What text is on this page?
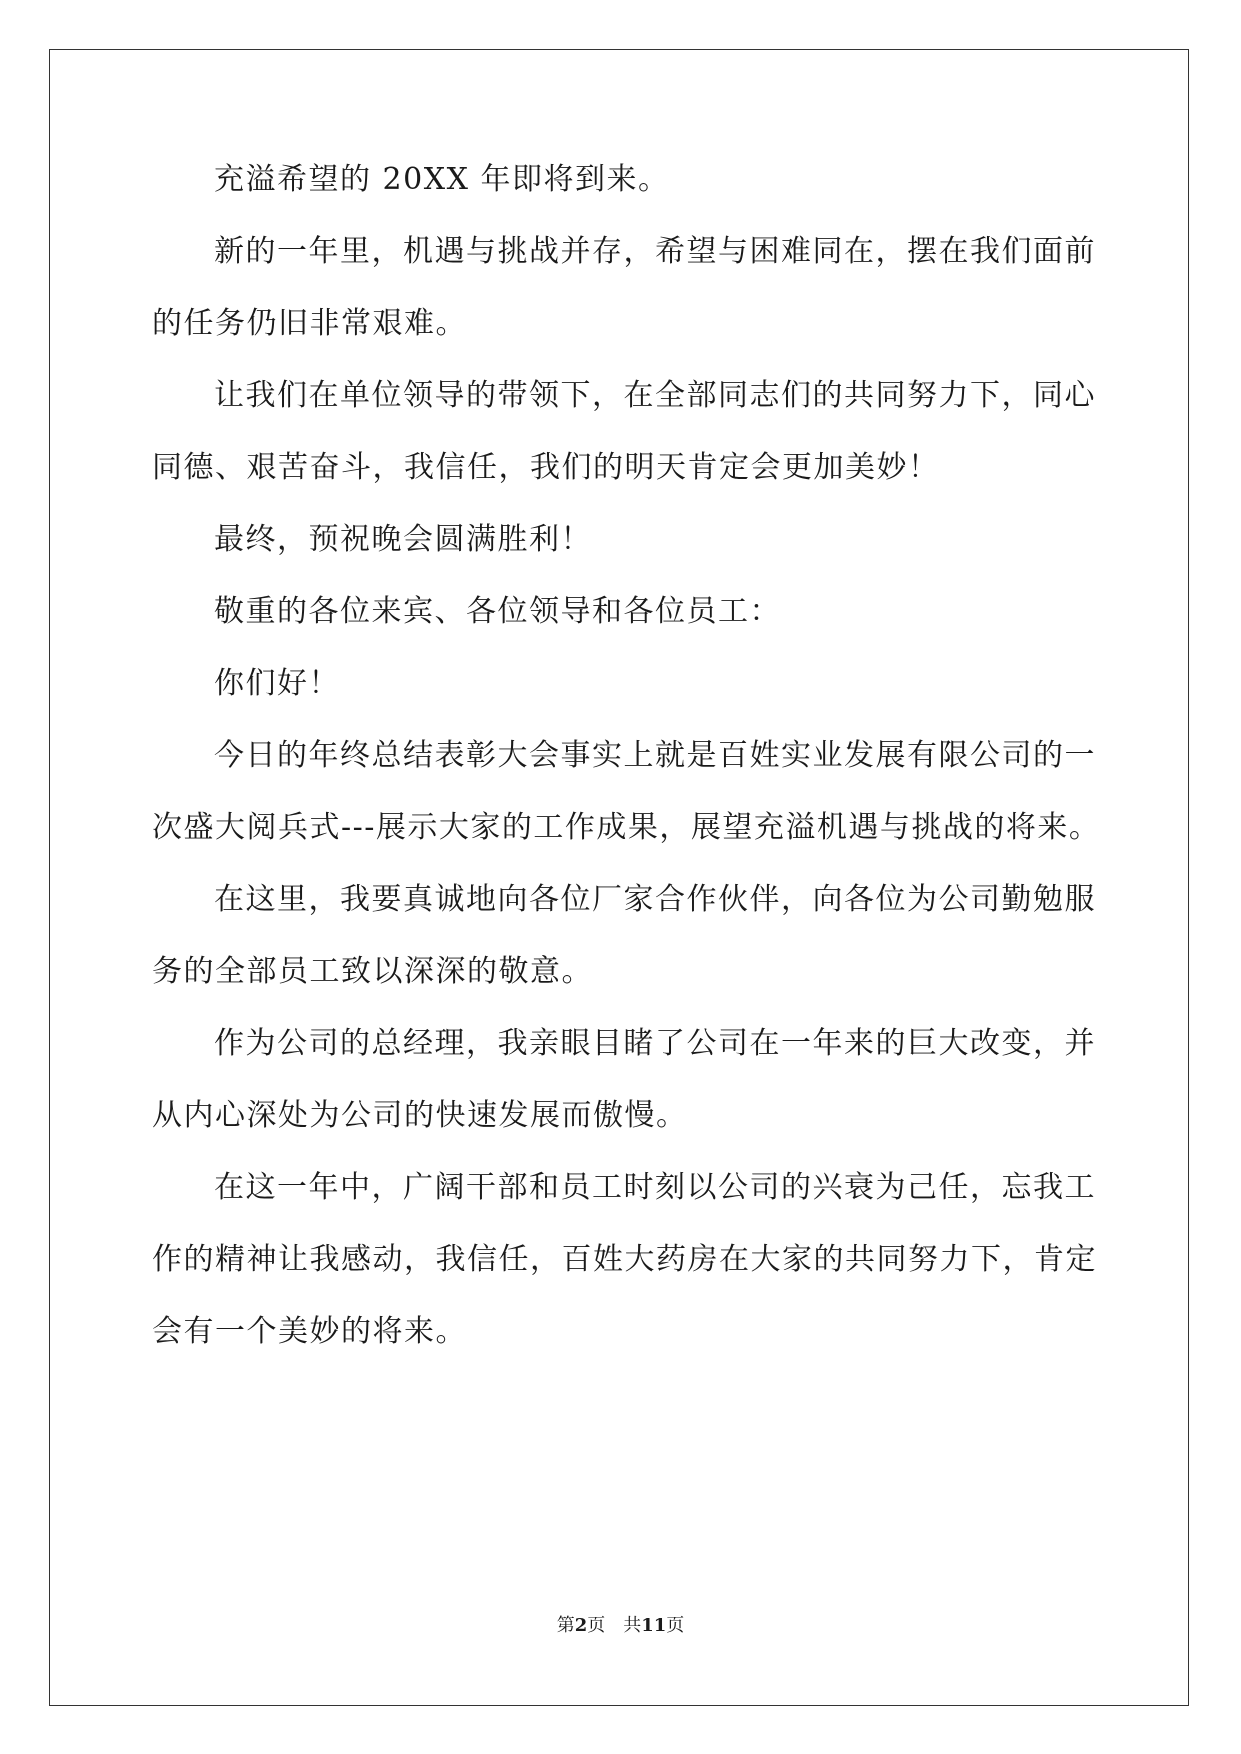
充溢希望的 20XX 年即将到来。
新的一年里，机遇与挑战并存，希望与困难同在，摆在我们面前
的任务仍旧非常艰难。
让我们在单位领导的带领下，在全部同志们的共同努力下，同心
同德、艰苦奋斗，我信任，我们的明天肯定会更加美妙！
最终，预祝晚会圆满胜利！
敬重的各位来宾、各位领导和各位员工：
你们好！
今日的年终总结表彰大会事实上就是百姓实业发展有限公司的一
次盛大阅兵式---展示大家的工作成果，展望充溢机遇与挑战的将来。
在这里，我要真诚地向各位厂家合作伙伴，向各位为公司勤勉服
务的全部员工致以深深的敬意。
作为公司的总经理，我亲眼目睹了公司在一年来的巨大改变，并
从内心深处为公司的快速发展而傲慢。
在这一年中，广阔干部和员工时刻以公司的兴衰为己任，忘我工
作的精神让我感动，我信任，百姓大药房在大家的共同努力下，肯定
会有一个美妙的将来。
第2页 共11页
